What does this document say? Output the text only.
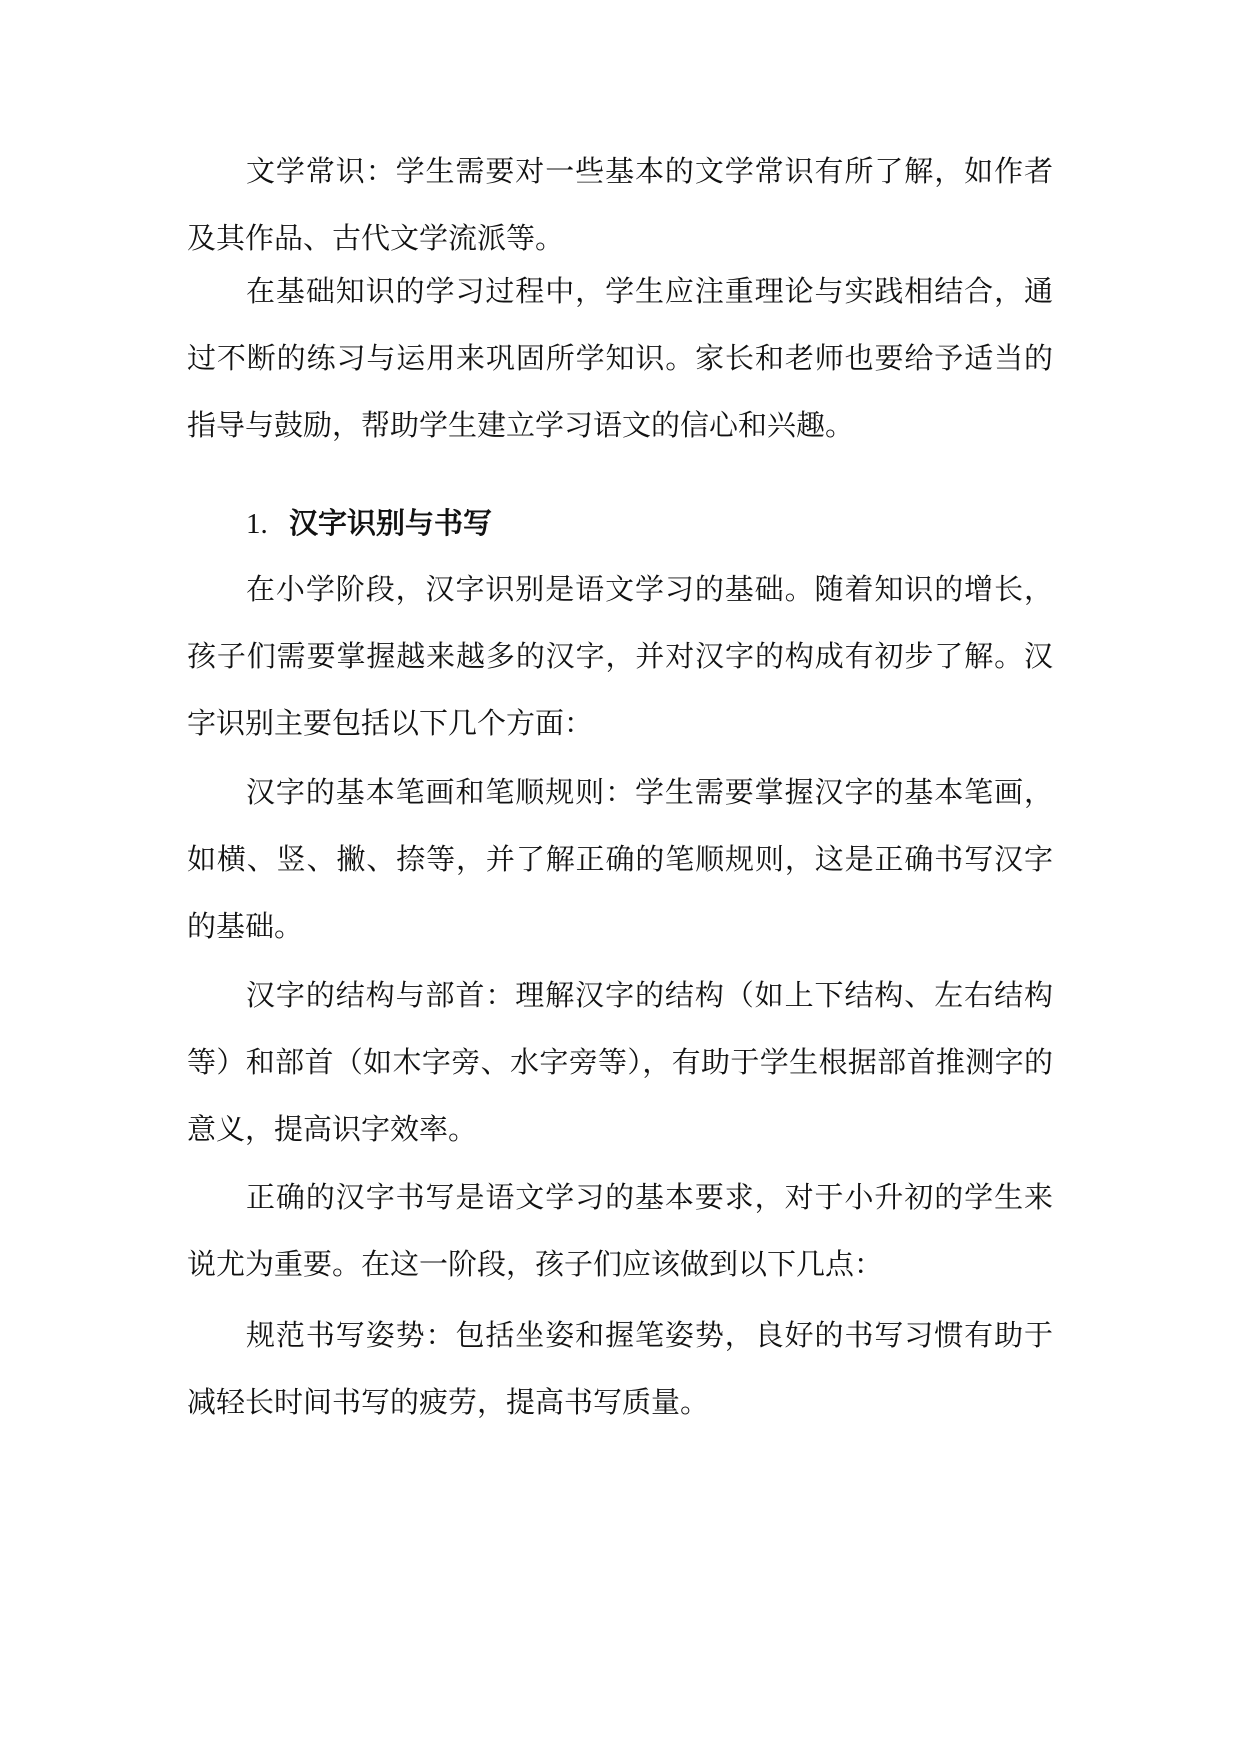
文学常识：学生需要对一些基本的文学常识有所了解，如作者及其作品、古代文学流派等。

在基础知识的学习过程中，学生应注重理论与实践相结合，通过不断的练习与运用来巩固所学知识。家长和老师也要给予适当的指导与鼓励，帮助学生建立学习语文的信心和兴趣。

1. 汉字识别与书写

在小学阶段，汉字识别是语文学习的基础。随着知识的增长，孩子们需要掌握越来越多的汉字，并对汉字的构成有初步了解。汉字识别主要包括以下几个方面：

汉字的基本笔画和笔顺规则：学生需要掌握汉字的基本笔画，如横、竖、撇、捺等，并了解正确的笔顺规则，这是正确书写汉字的基础。

汉字的结构与部首：理解汉字的结构（如上下结构、左右结构等）和部首（如木字旁、水字旁等），有助于学生根据部首推测字的意义，提高识字效率。

正确的汉字书写是语文学习的基本要求，对于小升初的学生来说尤为重要。在这一阶段，孩子们应该做到以下几点：

规范书写姿势：包括坐姿和握笔姿势，良好的书写习惯有助于减轻长时间书写的疲劳，提高书写质量。
